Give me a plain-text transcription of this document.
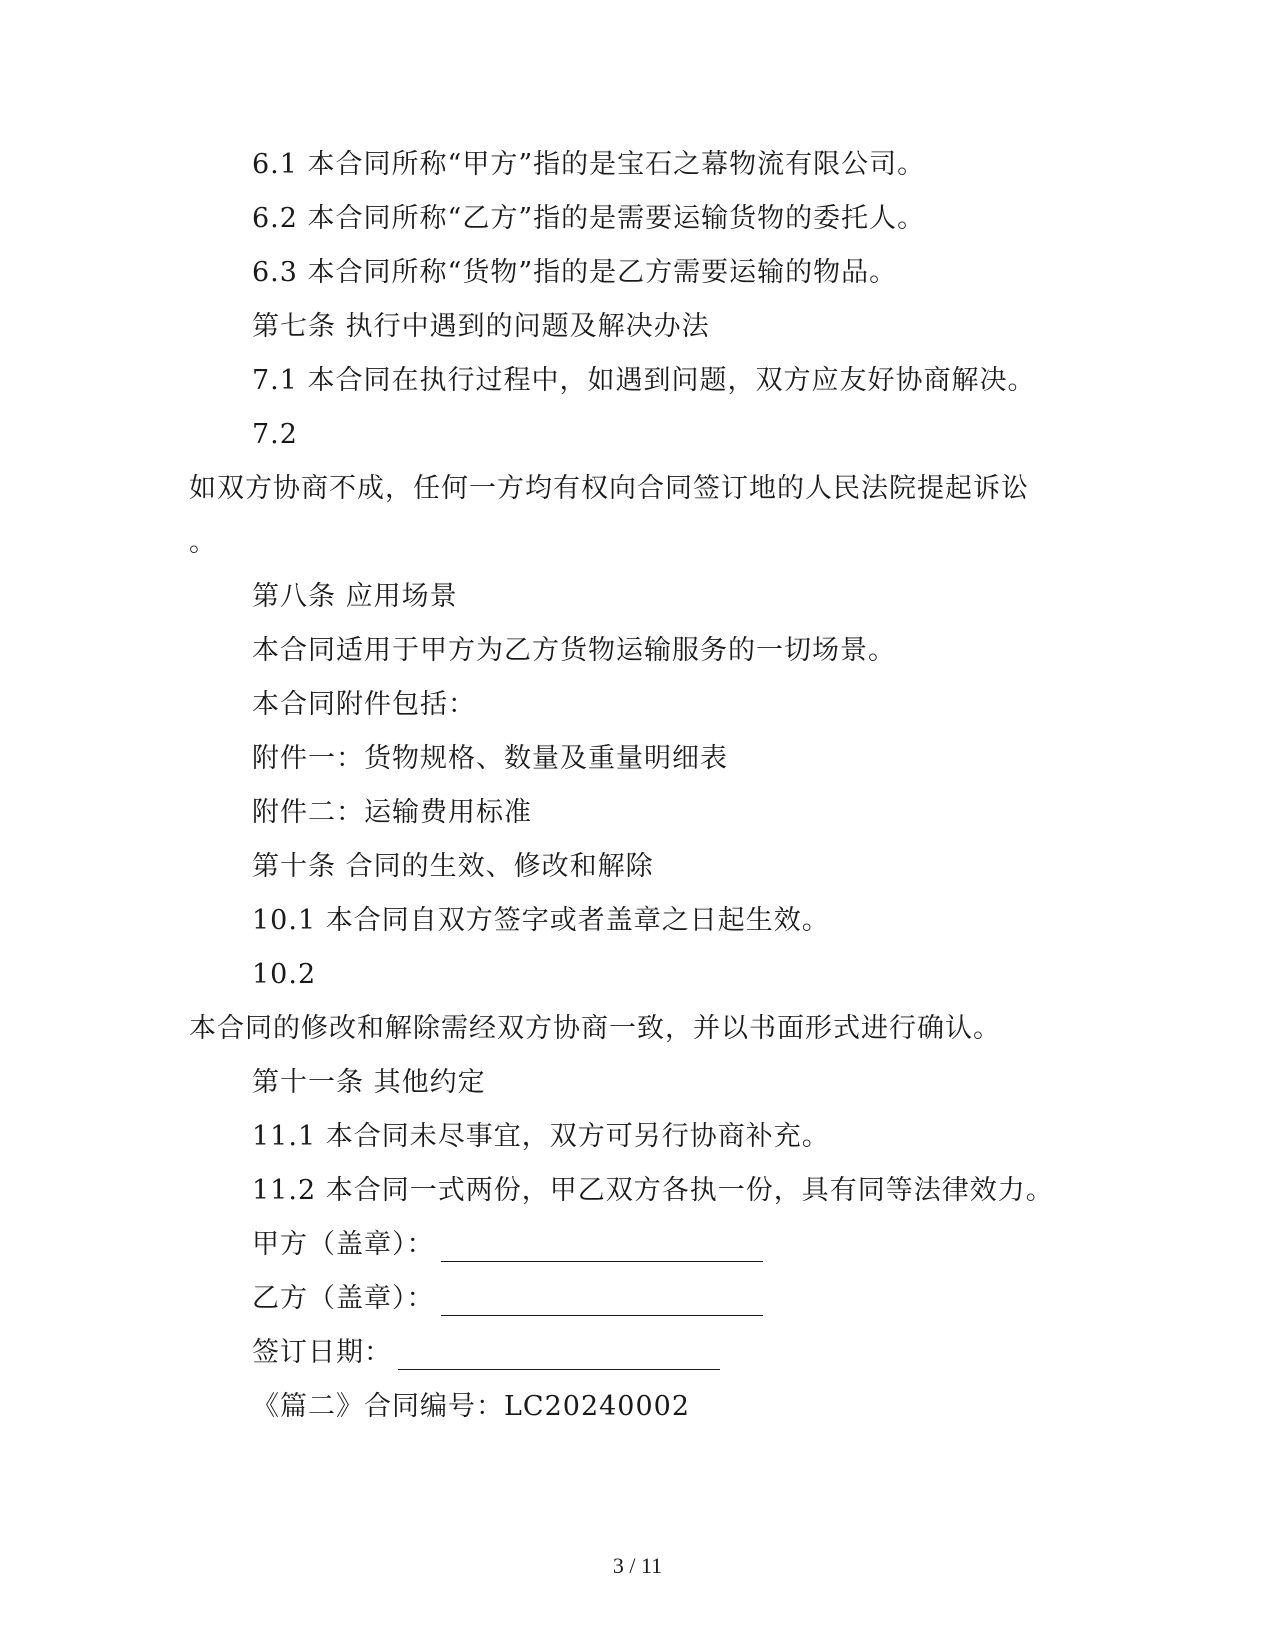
6.1 本合同所称“甲方”指的是宝石之幕物流有限公司。
6.2 本合同所称“乙方”指的是需要运输货物的委托人。
6.3 本合同所称“货物”指的是乙方需要运输的物品。
第七条 执行中遇到的问题及解决办法
7.1 本合同在执行过程中，如遇到问题，双方应友好协商解决。
7.2
如双方协商不成，任何一方均有权向合同签订地的人民法院提起诉讼
。
第八条 应用场景
本合同适用于甲方为乙方货物运输服务的一切场景。
本合同附件包括：
附件一：货物规格、数量及重量明细表
附件二：运输费用标准
第十条 合同的生效、修改和解除
10.1 本合同自双方签字或者盖章之日起生效。
10.2
本合同的修改和解除需经双方协商一致，并以书面形式进行确认。
第十一条 其他约定
11.1 本合同未尽事宜，双方可另行协商补充。
11.2 本合同一式两份，甲乙双方各执一份，具有同等法律效力。
甲方（盖章）：
乙方（盖章）：
签订日期：
《篇二》合同编号：LC20240002
3 / 11
